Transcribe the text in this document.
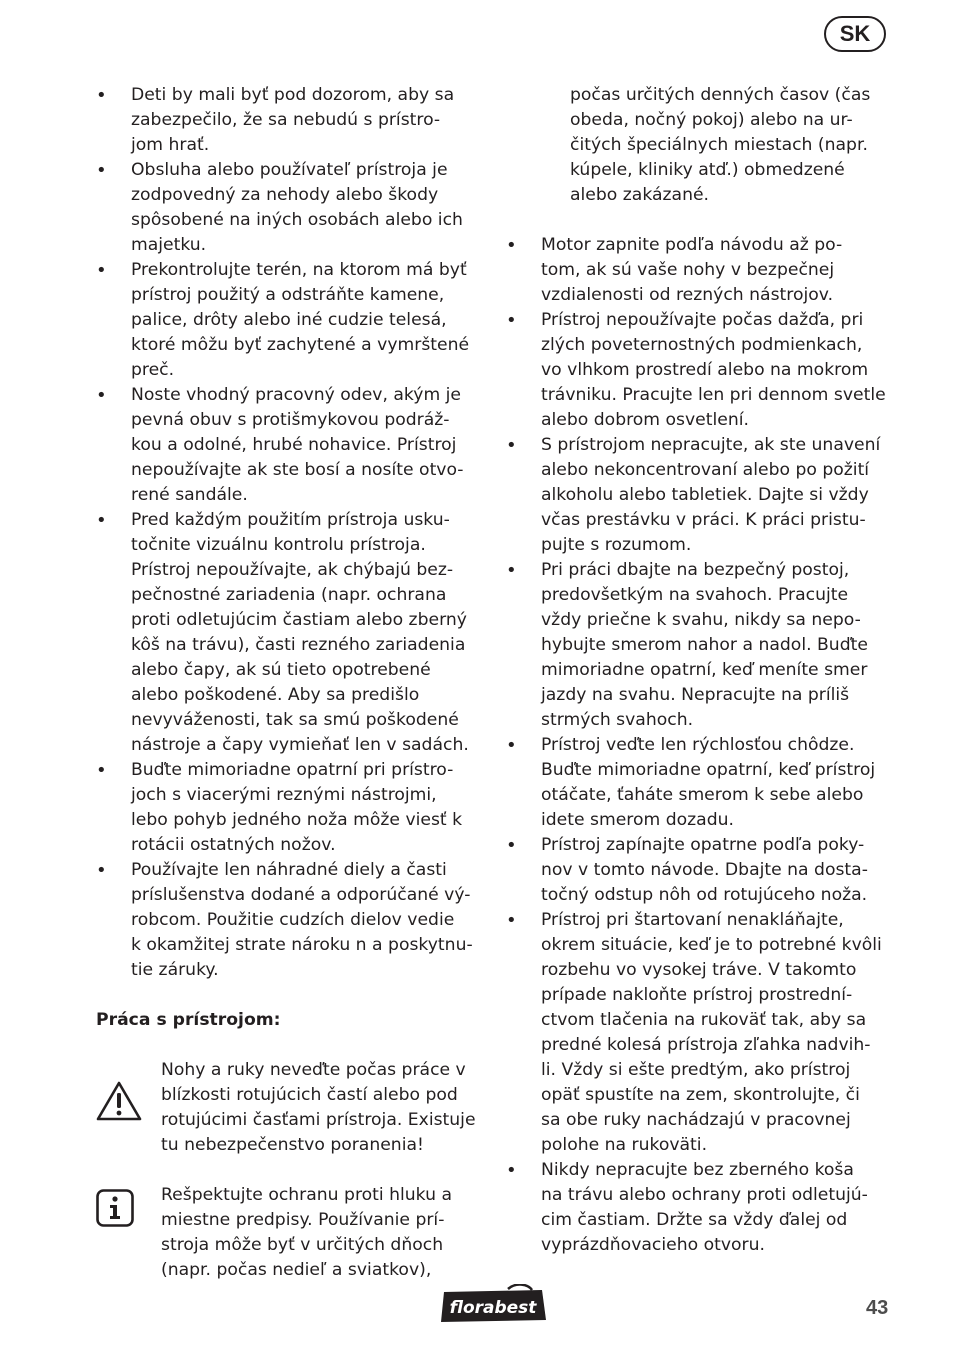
SK
• Deti by mali byť pod dozorom, aby sa
zabezpečilo, že sa nebudú s prístro-
jom hrať.
• Obsluha alebo používateľ prístroja je
zodpovedný za nehody alebo škody
spôsobené na iných osobách alebo ich
majetku.
• Prekontrolujte terén, na ktorom má byť
prístroj použitý a odstráňte kamene,
palice, drôty alebo iné cudzie telesá,
ktoré môžu byť zachytené a vymrštené
preč.
• Noste vhodný pracovný odev, akým je
pevná obuv s protišmykovou podráž-
kou a odolné, hrubé nohavice. Prístroj
nepoužívajte ak ste bosí a nosíte otvo-
rené sandále.
• Pred každým použitím prístroja usku-
točnite vizuálnu kontrolu prístroja.
Prístroj nepoužívajte, ak chýbajú bez-
pečnostné zariadenia (napr. ochrana
proti odletujúcim častiam alebo zberný
kôš na trávu), časti rezného zariadenia
alebo čapy, ak sú tieto opotrebené
alebo poškodené. Aby sa predišlo
nevyváženosti, tak sa smú poškodené
nástroje a čapy vymieňať len v sadách.
• Buďte mimoriadne opatrní pri prístro-
joch s viacerými reznými nástrojmi,
lebo pohyb jedného noža môže viesť k
rotácii ostatných nožov.
• Používajte len náhradné diely a časti
príslušenstva dodané a odporúčané vý-
robcom. Použitie cudzích dielov vedie
k okamžitej strate nároku n a poskytnu-
tie záruky.
Práca s prístrojom:
Nohy a ruky neveďte počas práce v
blízkosti rotujúcich častí alebo pod
rotujúcimi časťami prístroja. Existuje
tu nebezpečenstvo poranenia!
Rešpektujte ochranu proti hluku a
miestne predpisy. Používanie prí-
stroja môže byť v určitých dňoch
(napr. počas nedieľ a sviatkov),
počas určitých denných časov (čas
obeda, nočný pokoj) alebo na ur-
čitých špeciálnych miestach (napr.
kúpele, kliniky atď.) obmedzené
alebo zakázané.
• Motor zapnite podľa návodu až po-
tom, ak sú vaše nohy v bezpečnej
vzdialenosti od rezných nástrojov.
• Prístroj nepoužívajte počas dažďa, pri
zlých poveternostných podmienkach,
vo vlhkom prostredí alebo na mokrom
trávniku. Pracujte len pri dennom svetle
alebo dobrom osvetlení.
• S prístrojom nepracujte, ak ste unavení
alebo nekoncentrovaní alebo po požití
alkoholu alebo tabletiek. Dajte si vždy
včas prestávku v práci. K práci pristu-
pujte s rozumom.
• Pri práci dbajte na bezpečný postoj,
predovšetkým na svahoch. Pracujte
vždy priečne k svahu, nikdy sa nepo-
hybujte smerom nahor a nadol. Buďte
mimoriadne opatrní, keď meníte smer
jazdy na svahu. Nepracujte na príliš
strmých svahoch.
• Prístroj veďte len rýchlosťou chôdze.
Buďte mimoriadne opatrní, keď prístroj
otáčate, ťaháte smerom k sebe alebo
idete smerom dozadu.
• Prístroj zapínajte opatrne podľa poky-
nov v tomto návode. Dbajte na dosta-
točný odstup nôh od rotujúceho noža.
• Prístroj pri štartovaní nenakláňajte,
okrem situácie, keď je to potrebné kvôli
rozbehu vo vysokej tráve. V takomto
prípade nakloňte prístroj prostrední-
ctvom tlačenia na rukoväť tak, aby sa
predné kolesá prístroja zľahka nadvih-
li. Vždy si ešte predtým, ako prístroj
opäť spustíte na zem, skontrolujte, či
sa obe ruky nachádzajú v pracovnej
polohe na rukoväti.
• Nikdy nepracujte bez zberného koša
na trávu alebo ochrany proti odletujú-
cim častiam. Držte sa vždy ďalej od
vyprázdňovacieho otvoru.
florabest	43
